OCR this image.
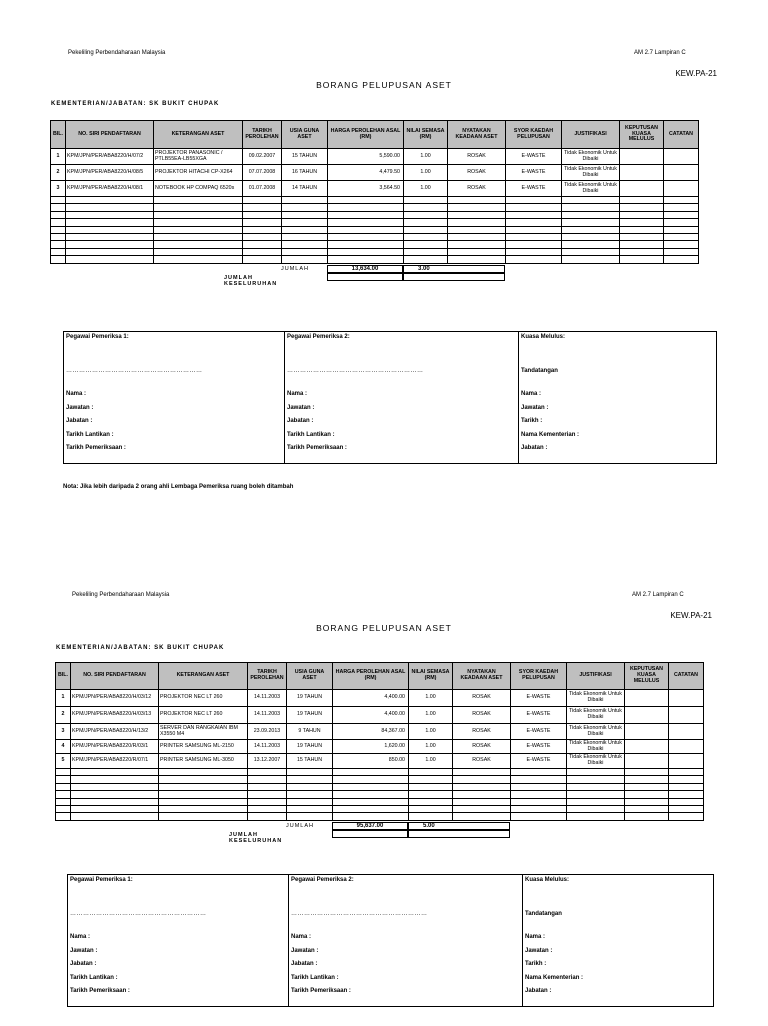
Pekeliling Perbendaharaan Malaysia	AM 2.7 Lampiran C
KEW.PA-21
BORANG PELUPUSAN ASET
KEMENTERIAN/JABATAN: SK BUKIT CHUPAK
BIL.	NO. SIRI PENDAFTARAN	KETERANGAN ASET	TARIKH PEROLEHAN	USIA GUNA ASET	HARGA PEROLEHAN ASAL (RM)	NILAI SEMASA (RM)	NYATAKAN KEADAAN ASET	SYOR KAEDAH PELUPUSAN	JUSTIFIKASI	KEPUTUSAN KUASA MELULUS	CATATAN
1	KPM/JPN/PER/ABA8220/H/07/2	PROJEKTOR PANASONIC / PTLB55EA-LB55XGA	09.02.2007	15 TAHUN	5,590.00	1.00	ROSAK	E-WASTE	Tidak Ekonomik Untuk Dibaiki		
2	KPM/JPN/PER/ABA8220/H/08/5	PROJEKTOR HITACHI CP-X264	07.07.2008	16 TAHUN	4,479.50	1.00	ROSAK	E-WASTE	Tidak Ekonomik Untuk Dibaiki		
3	KPM/JPN/PER/ABA8220/H/08/1	NOTEBOOK HP COMPAQ 6520s	01.07.2008	14 TAHUN	3,564.50	1.00	ROSAK	E-WASTE	Tidak Ekonomik Untuk Dibaiki		

JUMLAH	13,634.00	3.00
JUMLAH KESELURUHAN
Pegawai Pemeriksa 1:
………………………………………………………
Nama :
Jawatan :
Jabatan :
Tarikh Lantikan :
Tarikh Pemeriksaan :
Pegawai Pemeriksa 2:
………………………………………………………
Nama :
Jawatan :
Jabatan :
Tarikh Lantikan :
Tarikh Pemeriksaan :
Kuasa Melulus:
Tandatangan
Nama :
Jawatan :
Tarikh :
Nama Kementerian :
Jabatan :
Nota: Jika lebih daripada 2 orang ahli Lembaga Pemeriksa ruang boleh ditambah
Pekeliling Perbendaharaan Malaysia	AM 2.7 Lampiran C
KEW.PA-21
BORANG PELUPUSAN ASET
KEMENTERIAN/JABATAN: SK BUKIT CHUPAK
BIL.	NO. SIRI PENDAFTARAN	KETERANGAN ASET	TARIKH PEROLEHAN	USIA GUNA ASET	HARGA PEROLEHAN ASAL (RM)	NILAI SEMASA (RM)	NYATAKAN KEADAAN ASET	SYOR KAEDAH PELUPUSAN	JUSTIFIKASI	KEPUTUSAN KUASA MELULUS	CATATAN
1	KPM/JPN/PER/ABA8220/H/03/12	PROJEKTOR NEC LT 260	14.11.2003	19 TAHUN	4,400.00	1.00	ROSAK	E-WASTE	Tidak Ekonomik Untuk Dibaiki		
2	KPM/JPN/PER/ABA8220/H/03/13	PROJEKTOR NEC LT 260	14.11.2003	19 TAHUN	4,400.00	1.00	ROSAK	E-WASTE	Tidak Ekonomik Untuk Dibaiki		
3	KPM/JPN/PER/ABA8220/H/13/2	SERVER DAN RANGKAIAN IBM X3550 M4	23.09.2013	9 TAHUN	84,367.00	1.00	ROSAK	E-WASTE	Tidak Ekonomik Untuk Dibaiki		
4	KPM/JPN/PER/ABA8220/R/03/1	PRINTER SAMSUNG ML-2150	14.11.2003	19 TAHUN	1,620.00	1.00	ROSAK	E-WASTE	Tidak Ekonomik Untuk Dibaiki		
5	KPM/JPN/PER/ABA8220/R/07/1	PRINTER SAMSUNG ML-3050	13.12.2007	15 TAHUN	850.00	1.00	ROSAK	E-WASTE	Tidak Ekonomik Untuk Dibaiki		

JUMLAH	95,637.00	5.00
JUMLAH KESELURUHAN
Pegawai Pemeriksa 1:
………………………………………………………
Nama :
Jawatan :
Jabatan :
Tarikh Lantikan :
Tarikh Pemeriksaan :
Pegawai Pemeriksa 2:
………………………………………………………
Nama :
Jawatan :
Jabatan :
Tarikh Lantikan :
Tarikh Pemeriksaan :
Kuasa Melulus:
Tandatangan
Nama :
Jawatan :
Tarikh :
Nama Kementerian :
Jabatan :
